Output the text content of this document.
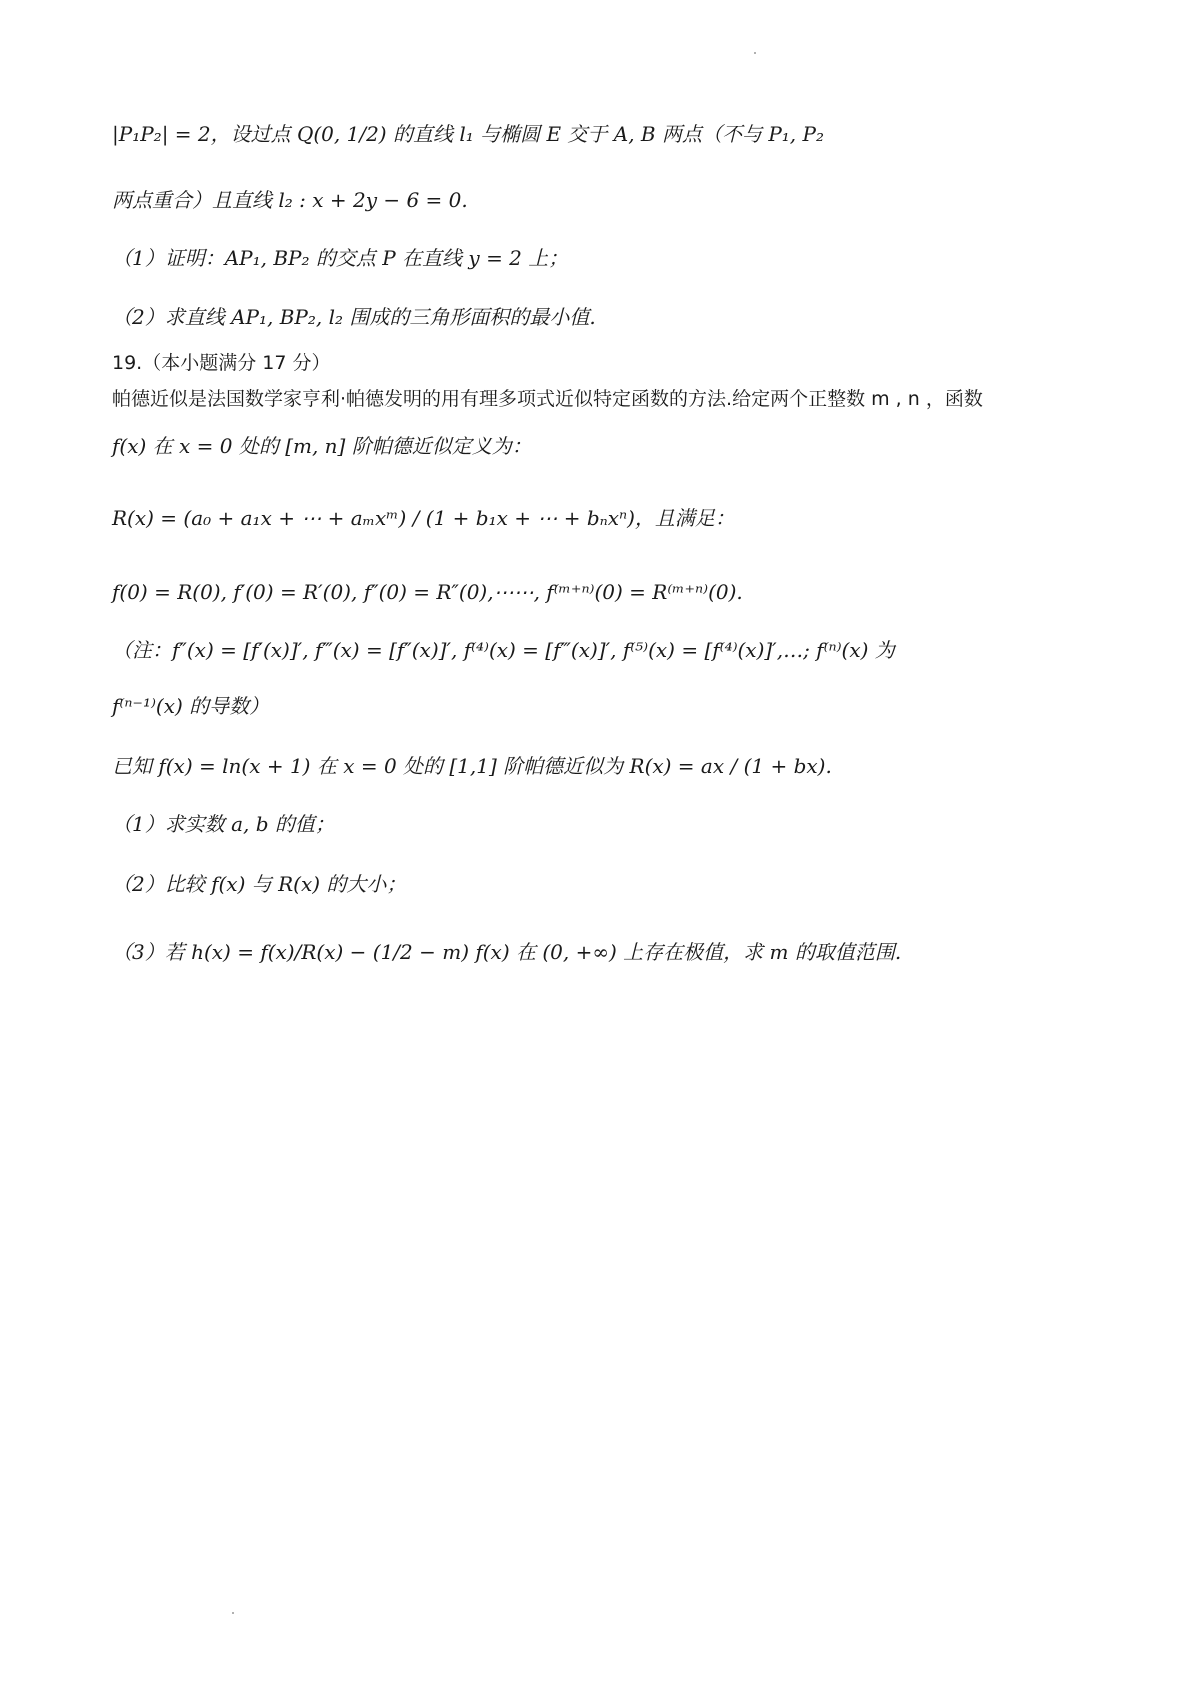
|P₁P₂| = 2，设过点 Q(0, 1/2) 的直线 l₁ 与椭圆 E 交于 A, B 两点（不与 P₁, P₂
两点重合）且直线 l₂ : x + 2y − 6 = 0.
（1）证明：AP₁, BP₂ 的交点 P 在直线 y = 2 上；
（2）求直线 AP₁, BP₂, l₂ 围成的三角形面积的最小值.
19.（本小题满分 17 分）
帕德近似是法国数学家亨利·帕德发明的用有理多项式近似特定函数的方法.给定两个正整数 m , n ，函数
f(x) 在 x = 0 处的 [m, n] 阶帕德近似定义为：
R(x) = (a₀ + a₁x + ⋯ + aₘxᵐ) / (1 + b₁x + ⋯ + bₙxⁿ)，且满足：
f(0) = R(0), f′(0) = R′(0), f″(0) = R″(0),⋯⋯, f⁽ᵐ⁺ⁿ⁾(0) = R⁽ᵐ⁺ⁿ⁾(0).
（注：f″(x) = [f′(x)]′, f‴(x) = [f″(x)]′, f⁽⁴⁾(x) = [f‴(x)]′, f⁽⁵⁾(x) = [f⁽⁴⁾(x)]′,…; f⁽ⁿ⁾(x) 为
f⁽ⁿ⁻¹⁾(x) 的导数）
已知 f(x) = ln(x + 1) 在 x = 0 处的 [1,1] 阶帕德近似为 R(x) = ax / (1 + bx).
（1）求实数 a, b 的值；
（2）比较 f(x) 与 R(x) 的大小；
（3）若 h(x) = f(x)/R(x) − (1/2 − m) f(x) 在 (0, +∞) 上存在极值，求 m 的取值范围.
